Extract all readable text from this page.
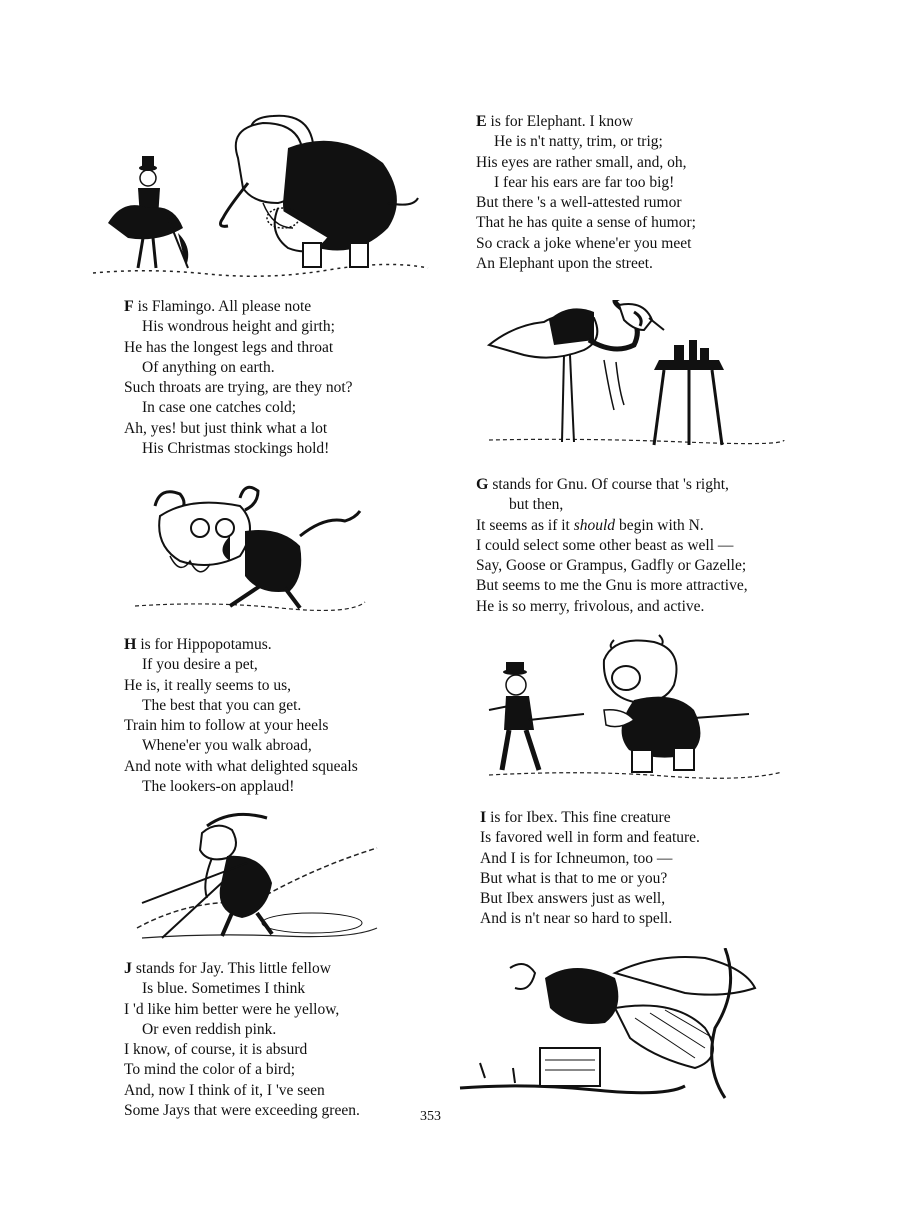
E is for Elephant. I know
He is n't natty, trim, or trig;
His eyes are rather small, and, oh,
I fear his ears are far too big!
But there 's a well-attested rumor
That he has quite a sense of humor;
So crack a joke whene'er you meet
An Elephant upon the street.
F is Flamingo. All please note
His wondrous height and girth;
He has the longest legs and throat
Of anything on earth.
Such throats are trying, are they not?
In case one catches cold;
Ah, yes! but just think what a lot
His Christmas stockings hold!
G stands for Gnu. Of course that 's right,
but then,
It seems as if it should begin with N.
I could select some other beast as well —
Say, Goose or Grampus, Gadfly or Gazelle;
But seems to me the Gnu is more attractive,
He is so merry, frivolous, and active.
H is for Hippopotamus.
If you desire a pet,
He is, it really seems to us,
The best that you can get.
Train him to follow at your heels
Whene'er you walk abroad,
And note with what delighted squeals
The lookers-on applaud!
I is for Ibex. This fine creature
Is favored well in form and feature.
And I is for Ichneumon, too —
But what is that to me or you?
But Ibex answers just as well,
And is n't near so hard to spell.
J stands for Jay. This little fellow
Is blue. Sometimes I think
I 'd like him better were he yellow,
Or even reddish pink.
I know, of course, it is absurd
To mind the color of a bird;
And, now I think of it, I 've seen
Some Jays that were exceeding green.	353
